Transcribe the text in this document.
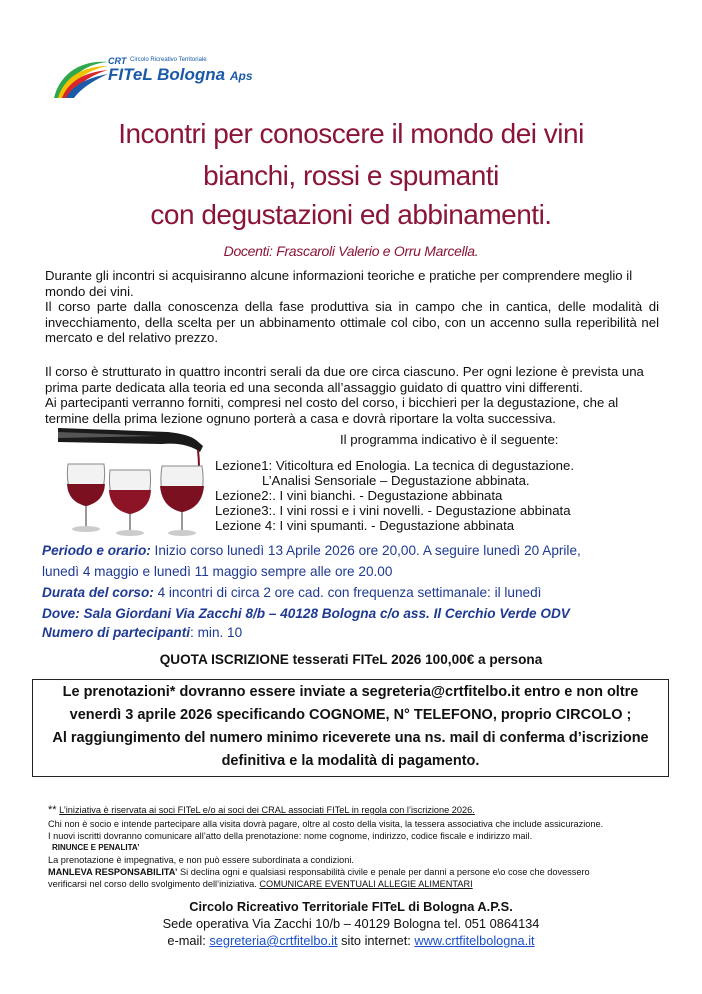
CRT Circolo Ricreativo Territoriale
FITeL Bologna Aps
Incontri per conoscere il mondo dei vini
bianchi, rossi e spumanti
con degustazioni ed abbinamenti.
Docenti: Frascaroli Valerio e Orru Marcella.
Durante gli incontri si acquisiranno alcune informazioni teoriche e pratiche per comprendere meglio il mondo dei vini.
Il corso parte dalla conoscenza della fase produttiva sia in campo che in cantica, delle modalità di invecchiamento, della scelta per un abbinamento ottimale col cibo, con un accenno sulla reperibilità nel mercato e del relativo prezzo.
Il corso è strutturato in quattro incontri serali da due ore circa ciascuno. Per ogni lezione è prevista una prima parte dedicata alla teoria ed una seconda all’assaggio guidato di quattro vini differenti.
Ai partecipanti verranno forniti, compresi nel costo del corso, i bicchieri per la degustazione, che al termine della prima lezione ognuno porterà a casa e dovrà riportare la volta successiva.
Il programma indicativo è il seguente:
Lezione1: Viticoltura ed Enologia. La tecnica di degustazione.
L’Analisi Sensoriale – Degustazione abbinata.
Lezione2:. I vini bianchi. - Degustazione abbinata
Lezione3:. I vini rossi e i vini novelli. - Degustazione abbinata
Lezione 4: I vini spumanti. - Degustazione abbinata
Periodo e orario: Inizio corso lunedì 13 Aprile 2026 ore 20,00. A seguire lunedì 20 Aprile,
lunedì 4 maggio e lunedì 11 maggio sempre alle ore 20.00
Durata del corso: 4 incontri di circa 2 ore cad. con frequenza settimanale: il lunedì
Dove: Sala Giordani Via Zacchi 8/b – 40128 Bologna c/o ass. Il Cerchio Verde ODV
Numero di partecipanti: min. 10
QUOTA ISCRIZIONE tesserati FITeL 2026 100,00€ a persona
Le prenotazioni* dovranno essere inviate a segreteria@crtfitelbo.it entro e non oltre
venerdì 3 aprile 2026 specificando COGNOME, N° TELEFONO, proprio CIRCOLO ;
Al raggiungimento del numero minimo riceverete una ns. mail di conferma d’iscrizione
definitiva e la modalità di pagamento.
** L’iniziativa è riservata ai soci FITeL e/o ai soci dei CRAL associati FITeL in regola con l’iscrizione 2026.
Chi non è socio e intende partecipare alla visita dovrà pagare, oltre al costo della visita, la tessera associativa che include assicurazione.
I nuovi iscritti dovranno comunicare all’atto della prenotazione: nome cognome, indirizzo, codice fiscale e indirizzo mail.
RINUNCE E PENALITA’
La prenotazione è impegnativa, e non può essere subordinata a condizioni.
MANLEVA RESPONSABILITA’ Si declina ogni e qualsiasi responsabilità civile e penale per danni a persone e\o cose che dovessero
verificarsi nel corso dello svolgimento dell’iniziativa. COMUNICARE EVENTUALI ALLEGIE ALIMENTARI
Circolo Ricreativo Territoriale FITeL di Bologna A.P.S.
Sede operativa Via Zacchi 10/b – 40129 Bologna tel. 051 0864134
e-mail: segreteria@crtfitelbo.it sito internet: www.crtfitelbologna.it
